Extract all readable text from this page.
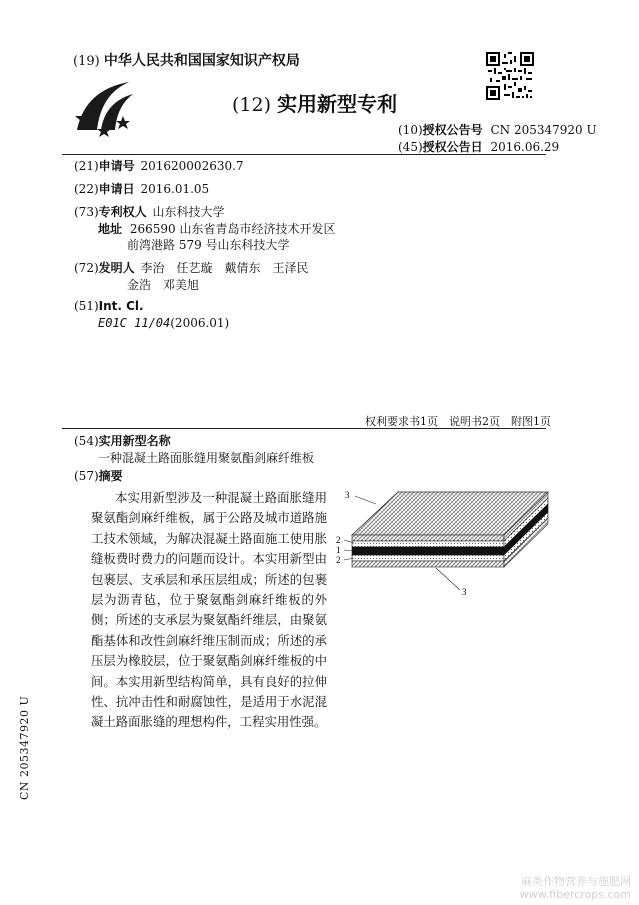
(19) 中华人民共和国国家知识产权局
(12) 实用新型专利
(10)授权公告号 CN 205347920 U
(45)授权公告日 2016.06.29
(21)申请号 201620002630.7
(22)申请日 2016.01.05
(73)专利权人 山东科技大学
地址 266590 山东省青岛市经济技术开发区
前湾港路 579 号山东科技大学
(72)发明人 李治　任艺璇　戴倩东　王泽民
金浩　邓美旭
(51)Int. Cl.
E01C 11/04(2006.01)
权利要求书1页　说明书2页　附图1页
(54)实用新型名称
一种混凝土路面胀缝用聚氨酯剑麻纤维板
(57)摘要
本实用新型涉及一种混凝土路面胀缝用聚氨酯剑麻纤维板，属于公路及城市道路施工技术领域，为解决混凝土路面施工使用胀缝板费时费力的问题而设计。本实用新型由包裹层、支承层和承压层组成；所述的包裹层为沥青毡，位于聚氨酯剑麻纤维板的外侧；所述的支承层为聚氨酯纤维层，由聚氨酯基体和改性剑麻纤维压制而成；所述的承压层为橡胶层，位于聚氨酯剑麻纤维板的中间。本实用新型结构简单，具有良好的拉伸性、抗冲击性和耐腐蚀性，是适用于水泥混凝土路面胀缝的理想构件，工程实用性强。
3
2
1
2
3
CN 205347920 U
麻类作物营养与施肥网
www.fibercrops.com
